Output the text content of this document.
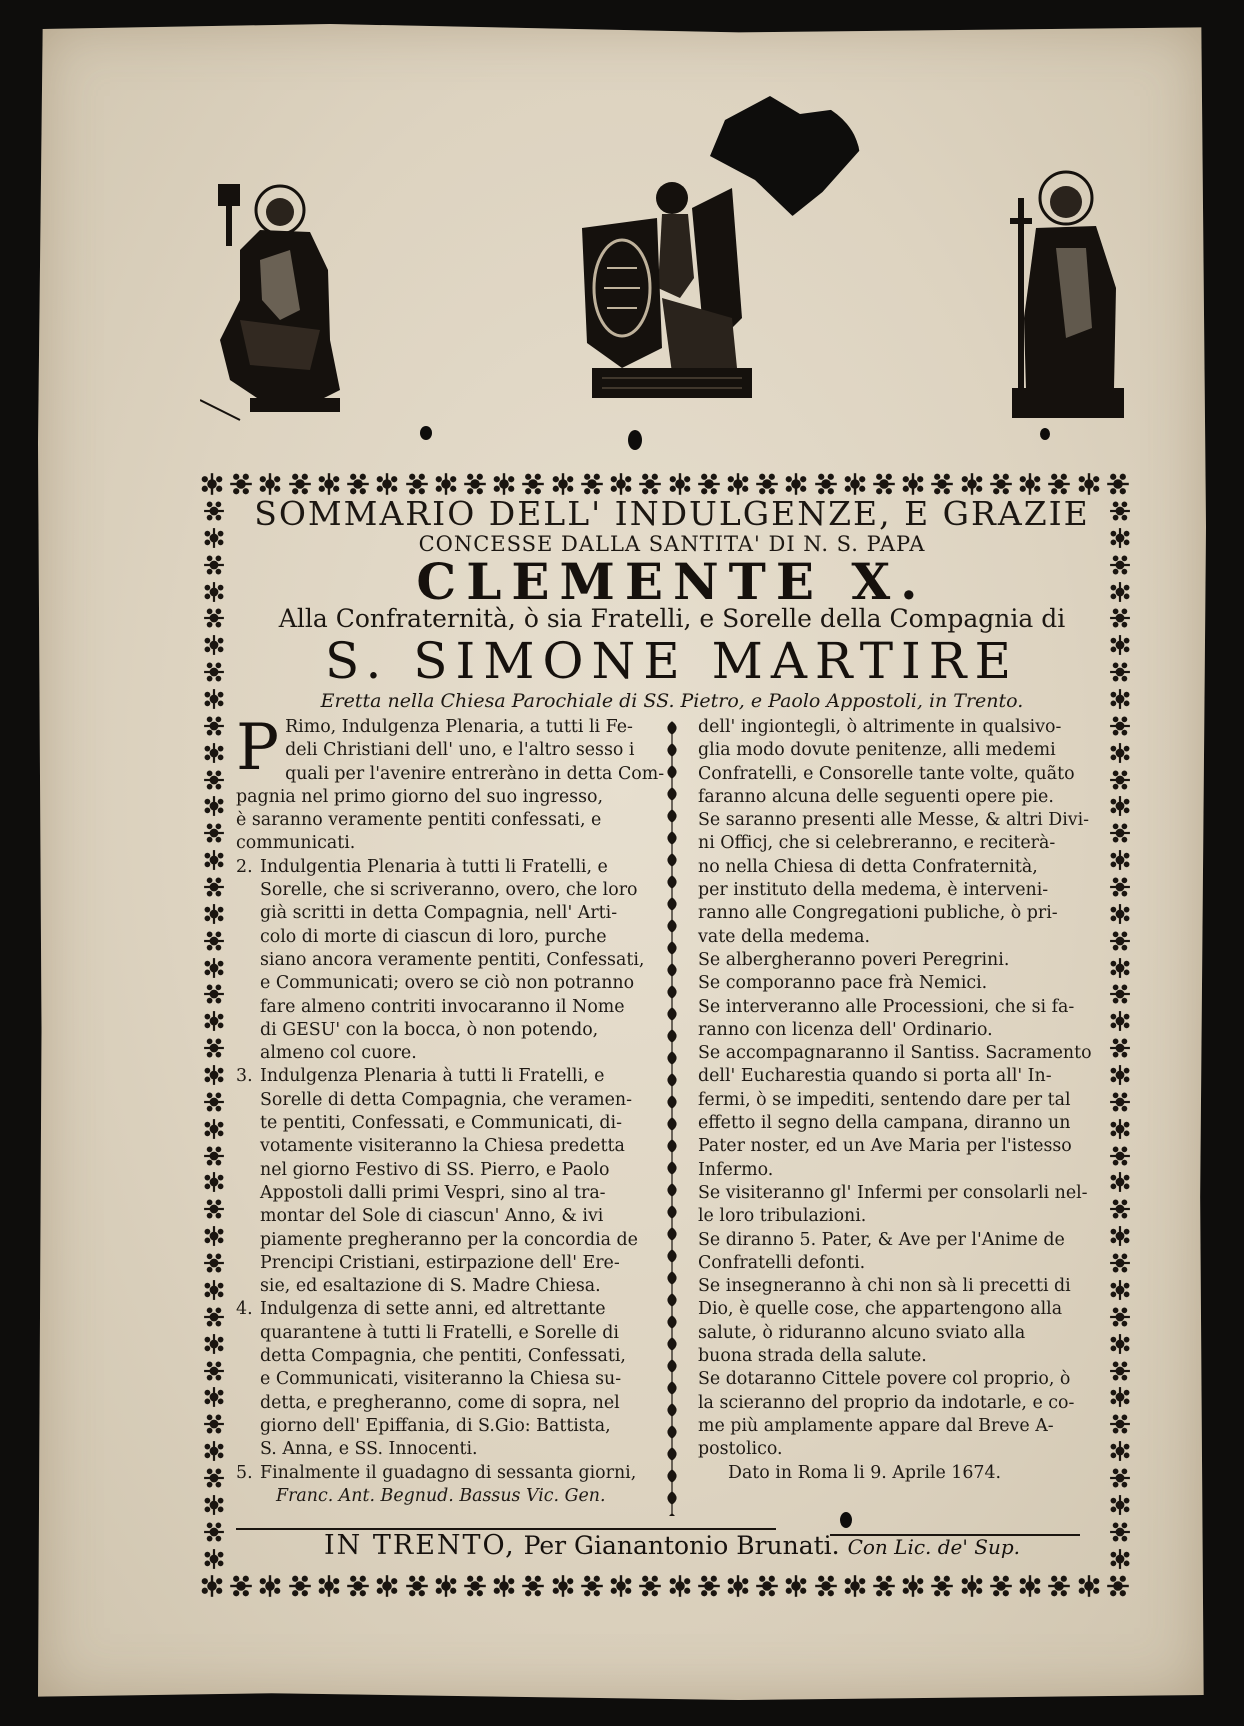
SOMMARIO DELL' INDULGENZE, E GRAZIE
CONCESSE DALLA SANTITA' DI N. S. PAPA
CLEMENTE X.
Alla Confraternità, ò sia Fratelli, e Sorelle della Compagnia di
S. SIMONE MARTIRE
Eretta nella Chiesa Parochiale di SS. Pietro, e Paolo Appostoli, in Trento.
P Rimo, Indulgenza Plenaria, a tutti li Fe-

deli Christiani dell' uno, e l'altro sesso i

quali per l'avenire entreràno in detta Com-

pagnia nel primo giorno del suo ingresso,

è saranno veramente pentiti confessati, e

communicati.

2. Indulgentia Plenaria à tutti li Fratelli, e

Sorelle, che si scriveranno, overo, che loro

già scritti in detta Compagnia, nell' Arti-

colo di morte di ciascun di loro, purche

siano ancora veramente pentiti, Confessati,

e Communicati; overo se ciò non potranno

fare almeno contriti invocaranno il Nome

di GESU' con la bocca, ò non potendo,

almeno col cuore.

3. Indulgenza Plenaria à tutti li Fratelli, e

Sorelle di detta Compagnia, che veramen-

te pentiti, Confessati, e Communicati, di-

votamente visiteranno la Chiesa predetta

nel giorno Festivo di SS. Pierro, e Paolo

Appostoli dalli primi Vespri, sino al tra-

montar del Sole di ciascun' Anno, & ivi

piamente pregheranno per la concordia de

Prencipi Cristiani, estirpazione dell' Ere-

sie, ed esaltazione di S. Madre Chiesa.

4. Indulgenza di sette anni, ed altrettante

quarantene à tutti li Fratelli, e Sorelle di

detta Compagnia, che pentiti, Confessati,

e Communicati, visiteranno la Chiesa su-

detta, e pregheranno, come di sopra, nel

giorno dell' Epiffania, di S.Gio: Battista,

S. Anna, e SS. Innocenti.

5. Finalmente il guadagno di sessanta giorni,

Franc. Ant. Begnud. Bassus Vic. Gen.

dell' ingiontegli, ò altrimente in qualsivo-

glia modo dovute penitenze, alli medemi

Confratelli, e Consorelle tante volte, quãto

faranno alcuna delle seguenti opere pie.

Se saranno presenti alle Messe, & altri Divi-

ni Officj, che si celebreranno, e reciterà-

no nella Chiesa di detta Confraternità,

per instituto della medema, è interveni-

ranno alle Congregationi publiche, ò pri-

vate della medema.

Se albergheranno poveri Peregrini.

Se comporanno pace frà Nemici.

Se interveranno alle Processioni, che si fa-

ranno con licenza dell' Ordinario.

Se accompagnaranno il Santiss. Sacramento

dell' Eucharestia quando si porta all' In-

fermi, ò se impediti, sentendo dare per tal

effetto il segno della campana, diranno un

Pater noster, ed un Ave Maria per l'istesso

Infermo.

Se visiteranno gl' Infermi per consolarli nel-

le loro tribulazioni.

Se diranno 5. Pater, & Ave per l'Anime de

Confratelli defonti.

Se insegneranno à chi non sà li precetti di

Dio, è quelle cose, che appartengono alla

salute, ò riduranno alcuno sviato alla

buona strada della salute.

Se dotaranno Cittele povere col proprio, ò

la scieranno del proprio da indotarle, e co-

me più amplamente appare dal Breve A-

postolico.

Dato in Roma li 9. Aprile 1674.

IN TRENTO, Per Gianantonio Brunati. Con Lic. de' Sup.
